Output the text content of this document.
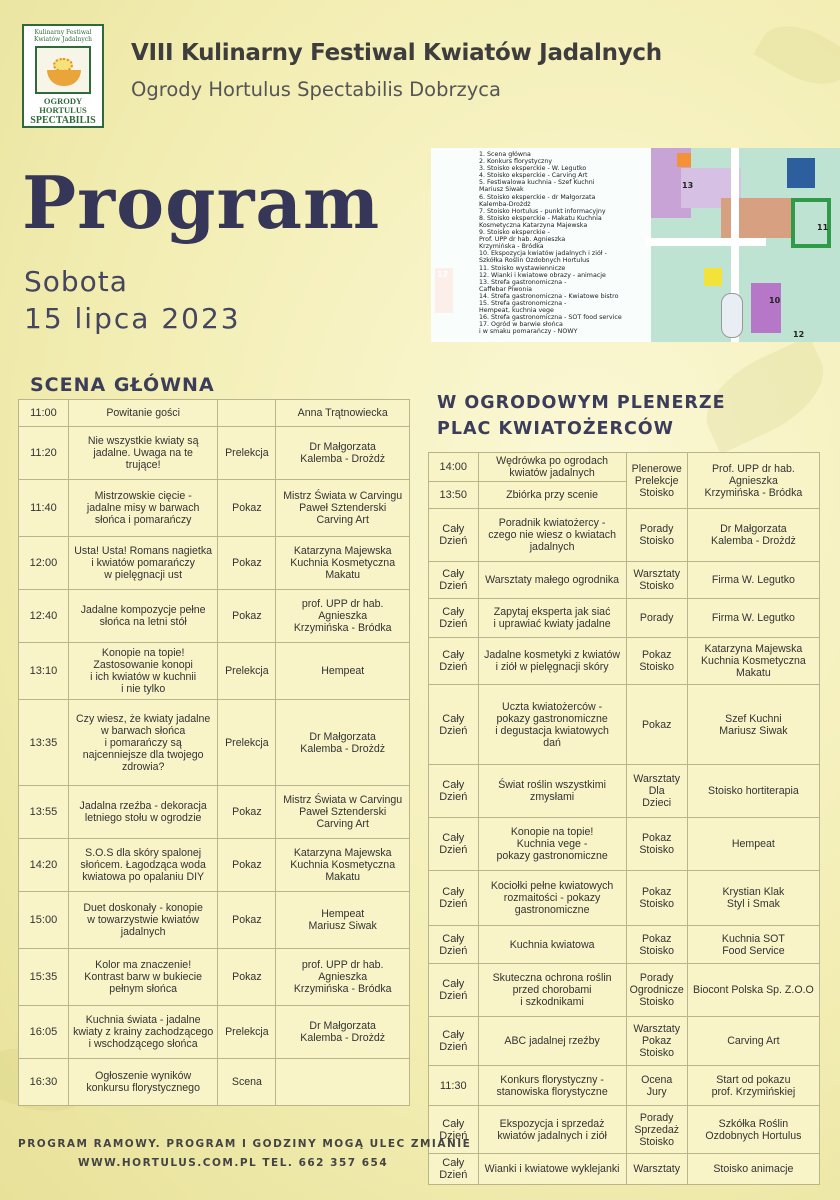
Kulinarny Festiwal Kwiatów Jadalnych
OGRODY HORTULUS
SPECTABILIS
VIII Kulinarny Festiwal Kwiatów Jadalnych
Ogrody Hortulus Spectabilis Dobrzyca
Program
Sobota
15 lipca 2023
13
11
10
12
1. Scena główna
2. Konkurs florystyczny
3. Stoisko eksperckie - W. Legutko
4. Stoisko eksperckie - Carving Art
5. Festiwalowa kuchnia - Szef Kuchni
Mariusz Siwak
6. Stoisko eksperckie - dr Małgorzata
Kalemba-Drożdż
7. Stoisko Hortulus - punkt informacyjny
8. Stoisko eksperckie - Makatu Kuchnia
Kosmetyczna Katarzyna Majewska
9. Stoisko eksperckie -
Prof. UPP dr hab. Agnieszka
Krzymińska - Bródka
10. Ekspozycja kwiatów jadalnych i ziół -
Szkółka Roślin Ozdobnych Hortulus
11. Stoisko wystawiennicze
12. Wianki i kwiatowe obrazy - animacje
13. Strefa gastronomiczna -
Caffebar Piwonia
14. Strefa gastronomiczna - Kwiatowe bistro
15. Strefa gastronomiczna -
Hempeat, kuchnia vege
16. Strefa gastronomiczna - SOT food service
17. Ogród w barwie słońca
i w smaku pomarańczy - NOWY
SCENA GŁÓWNA
11:00	Powitanie gości		Anna Trątnowiecka
11:20	Nie wszystkie kwiaty są
jadalne. Uwaga na te
trujące!	Prelekcja	Dr Małgorzata
Kalemba - Drożdż
11:40	Mistrzowskie cięcie -
jadalne misy w barwach
słońca i pomarańczy	Pokaz	Mistrz Świata w Carvingu
Paweł Sztenderski
Carving Art
12:00	Usta! Usta! Romans nagietka
i kwiatów pomarańczy
w pielęgnacji ust	Pokaz	Katarzyna Majewska
Kuchnia Kosmetyczna
Makatu
12:40	Jadalne kompozycje pełne
słońca na letni stół	Pokaz	prof. UPP dr hab.
Agnieszka
Krzymińska - Bródka
13:10	Konopie na topie!
Zastosowanie konopi
i ich kwiatów w kuchnii
i nie tylko	Prelekcja	Hempeat
13:35	Czy wiesz, że kwiaty jadalne
w barwach słońca
i pomarańczy są
najcenniejsze dla twojego
zdrowia?	Prelekcja	Dr Małgorzata
Kalemba - Drożdż
13:55	Jadalna rzeźba - dekoracja
letniego stołu w ogrodzie	Pokaz	Mistrz Świata w Carvingu
Paweł Sztenderski
Carving Art
14:20	S.O.S dla skóry spalonej
słońcem. Łagodząca woda
kwiatowa po opalaniu DIY	Pokaz	Katarzyna Majewska
Kuchnia Kosmetyczna
Makatu
15:00	Duet doskonały - konopie
w towarzystwie kwiatów
jadalnych	Pokaz	Hempeat
Mariusz Siwak
15:35	Kolor ma znaczenie!
Kontrast barw w bukiecie
pełnym słońca	Pokaz	prof. UPP dr hab.
Agnieszka
Krzymińska - Bródka
16:05	Kuchnia świata - jadalne
kwiaty z krainy zachodzącego
i wschodzącego słońca	Prelekcja	Dr Małgorzata
Kalemba - Drożdż
16:30	Ogłoszenie wyników
konkursu florystycznego	Scena	
W OGRODOWYM PLENERZE
PLAC KWIATOŻERCÓW
14:00	Wędrówka po ogrodach
kwiatów jadalnych	Plenerowe
Prelekcje
Stoisko	Prof. UPP dr hab.
Agnieszka
Krzymińska - Bródka
13:50	Zbiórka przy scenie		
Cały
Dzień	Poradnik kwiatożercy -
czego nie wiesz o kwiatach
jadalnych	Porady
Stoisko	Dr Małgorzata
Kalemba - Drożdż
Cały
Dzień	Warsztaty małego ogrodnika	Warsztaty
Stoisko	Firma W. Legutko
Cały
Dzień	Zapytaj eksperta jak siać
i uprawiać kwiaty jadalne	Porady	Firma W. Legutko
Cały
Dzień	Jadalne kosmetyki z kwiatów
i ziół w pielęgnacji skóry	Pokaz
Stoisko	Katarzyna Majewska
Kuchnia Kosmetyczna
Makatu
Cały
Dzień	Uczta kwiatożerców -
pokazy gastronomiczne
i degustacja kwiatowych
dań	Pokaz	Szef Kuchni
Mariusz Siwak
Cały
Dzień	Świat roślin wszystkimi
zmysłami	Warsztaty
Dla
Dzieci	Stoisko hortiterapia
Cały
Dzień	Konopie na topie!
Kuchnia vege -
pokazy gastronomiczne	Pokaz
Stoisko	Hempeat
Cały
Dzień	Kociołki pełne kwiatowych
rozmaitości - pokazy
gastronomiczne	Pokaz
Stoisko	Krystian Klak
Styl i Smak
Cały
Dzień	Kuchnia kwiatowa	Pokaz
Stoisko	Kuchnia SOT
Food Service
Cały
Dzień	Skuteczna ochrona roślin
przed chorobami
i szkodnikami	Porady
Ogrodnicze
Stoisko	Biocont Polska Sp. Z.O.O
Cały
Dzień	ABC jadalnej rzeźby	Warsztaty
Pokaz
Stoisko	Carving Art
11:30	Konkurs florystyczny -
stanowiska florystyczne	Ocena
Jury	Start od pokazu
prof. Krzymińskiej
Cały
Dzień	Ekspozycja i sprzedaż
kwiatów jadalnych i ziół	Porady
Sprzedaż
Stoisko	Szkółka Roślin
Ozdobnych Hortulus
Cały
Dzień	Wianki i kwiatowe wyklejanki	Warsztaty	Stoisko animacje
PROGRAM RAMOWY. PROGRAM I GODZINY MOGĄ ULEC ZMIANIE
WWW.HORTULUS.COM.PL TEL. 662 357 654
